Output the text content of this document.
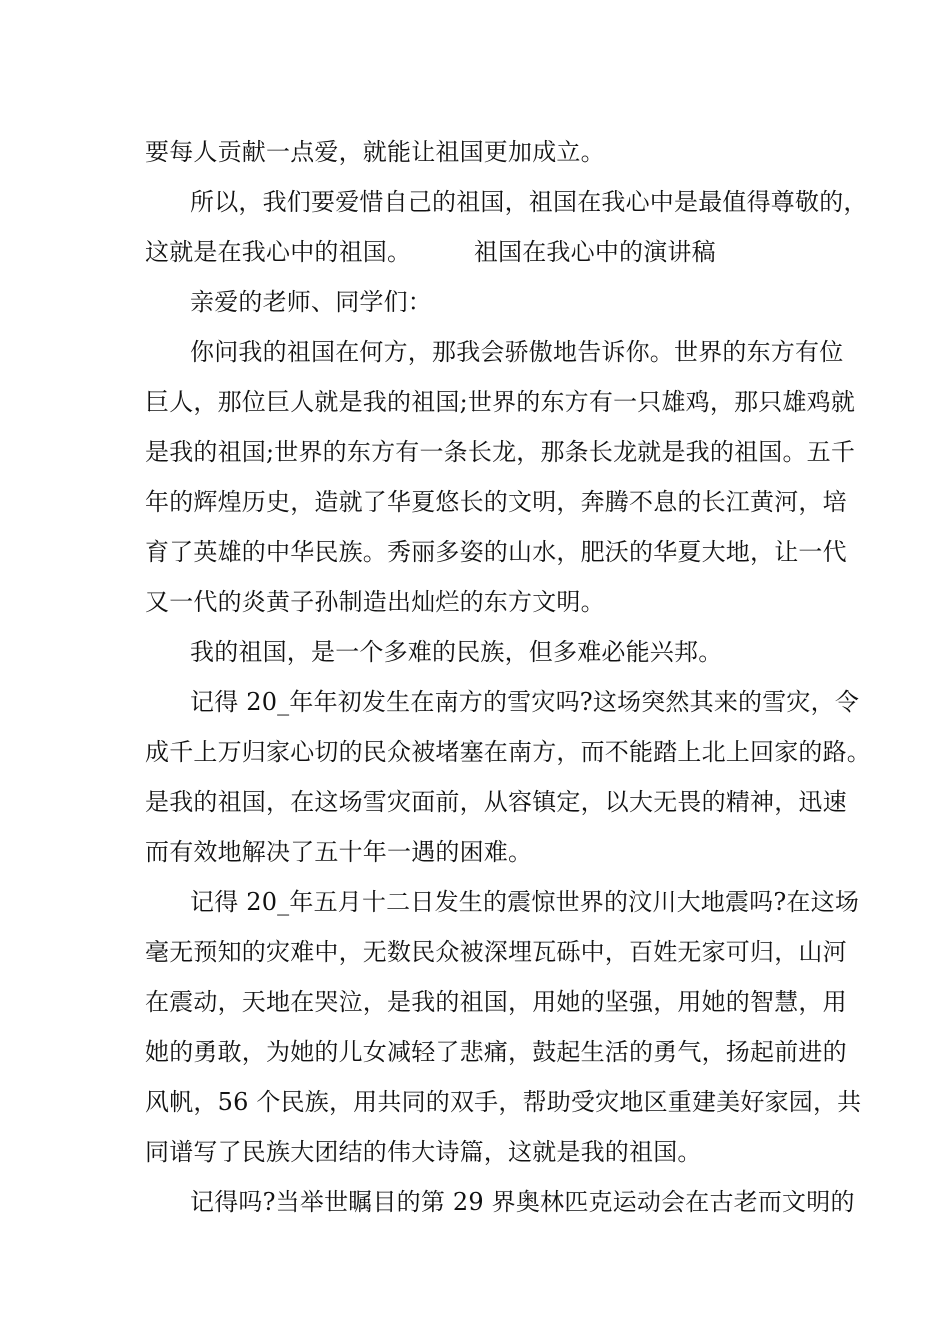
要每人贡献一点爱，就能让祖国更加成立。
所以，我们要爱惜自己的祖国，祖国在我心中是最值得尊敬的，
这就是在我心中的祖国。        祖国在我心中的演讲稿
亲爱的老师、同学们：
你问我的祖国在何方，那我会骄傲地告诉你。世界的东方有位
巨人，那位巨人就是我的祖国;世界的东方有一只雄鸡，那只雄鸡就
是我的祖国;世界的东方有一条长龙，那条长龙就是我的祖国。五千
年的辉煌历史，造就了华夏悠长的文明，奔腾不息的长江黄河，培
育了英雄的中华民族。秀丽多姿的山水，肥沃的华夏大地，让一代
又一代的炎黄子孙制造出灿烂的东方文明。
我的祖国，是一个多难的民族，但多难必能兴邦。
记得 20_年年初发生在南方的雪灾吗?这场突然其来的雪灾，令
成千上万归家心切的民众被堵塞在南方，而不能踏上北上回家的路。
是我的祖国，在这场雪灾面前，从容镇定，以大无畏的精神，迅速
而有效地解决了五十年一遇的困难。
记得 20_年五月十二日发生的震惊世界的汶川大地震吗?在这场
毫无预知的灾难中，无数民众被深埋瓦砾中，百姓无家可归，山河
在震动，天地在哭泣，是我的祖国，用她的坚强，用她的智慧，用
她的勇敢，为她的儿女减轻了悲痛，鼓起生活的勇气，扬起前进的
风帆，56 个民族，用共同的双手，帮助受灾地区重建美好家园，共
同谱写了民族大团结的伟大诗篇，这就是我的祖国。
记得吗?当举世瞩目的第 29 界奥林匹克运动会在古老而文明的
